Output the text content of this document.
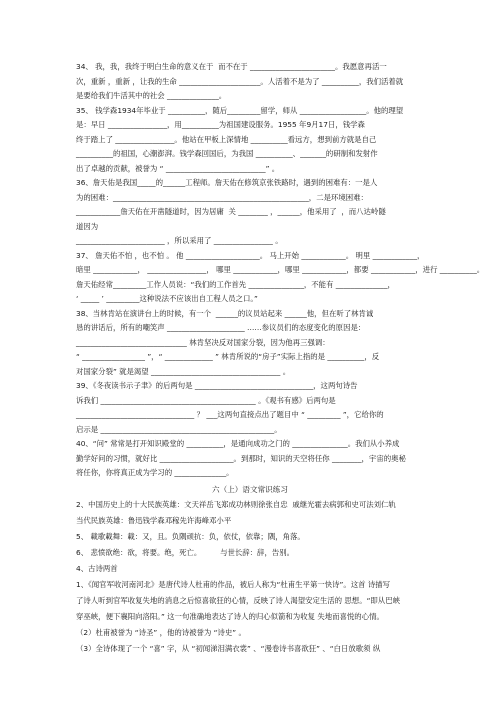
34、 我，我，我终于明白生命的意义在于  而不在于 _______________________。我愿意再活一
次，重新 ，重新 ，让我的生命 ______________________。人活着不是为了 __________，我们活着就
是要给我们牛活其中的社会 ______________。
35、 钱学森1934年毕业于 __________，随后_________留学，师从 __________________。他的理望
是：早日 ________________，用__________为祖国建设服务。1955 年9月17日，钱学森
终于踏上了 ________________。他站在甲板上深情地 __________看远方，想到前方就是自己
__________的祖国，心潮澎湃。钱学森回国后，为我国 __________、_______的研制和发射作
出了卓越的贡献，被誉为 “ ___________________________” 。
36、詹天佑是我国_____的______工程师。詹天佑在修筑京张铁路时，遇到的困难有：一是人
为的困难：_____________________________________________________，二是环境困难：
____________詹天佑在开凿隧道时，因为居庸  关 ________ ，______，他采用了  ，而八达岭隧
道因为
________________________ ，所以采用了 ________________ 。
37、 詹天佑不怕 ，也不怕 。 他 ____________________。 马上开始 ____________。 明里 ____________，
暗里 ____________， ________________， 哪里 ____________，哪里 ____________，都要 ____________，进行 __________。
詹天佑经常_________工作人员说：“我们的工作首先 _______________，不能有 ______________，
‘ _____ ’ _________这种说法不应该出自工程人员之口。”
38、当林肯站在演讲台上的时候，有一个  ______的议员站起来 ______他，但在听了林肯诚
恳的讲话后，所有的嘲笑声 _____________________ ……参议员们的态度变化的原因是：
______________________________ 林肯坚决反对国家分裂，因为他再三强调：
“ _________________ ”，“ _____________ ” 林肯所说的“房子”实际上指的是 __________，反
对国家分裂” 就是渴望 ___________________________________ 。
39、《冬夜读书示子聿》的后两句是 ________________________________，这两句诗告
诉我们 __________________________________________ 。《观书有感》后两句是
________________________________ ？ ___这两句直接点出了题目中 “ _________ ”，它给你的
启示是 _______________________________________________。
40、“问” 常常是打开知识殿堂的 __________，是通向成功之门的 _______________。我们从小养成
勤学好问的习惯，就好比 ____________________。到那时，知识的天空将任你 ________，宇宙的奥秘
将任你，你将真正成为学习的 ______________。
六（上）语文常识练习
2、中国历史上的十大民族英雄：文天祥岳飞郑成功林则徐张自忠  戚继光霍去病郭和史可法刘仁轨
当代民族英雄：鲁迅钱学森邓稼先许海峰邓小平
5、 載歌載舞：載：又，且。负隅顽抗：负，依仗，依靠；隅，角落。
6、 悲愤欲绝：欲，将要。绝，死亡。        与世长辞：辞，告别。
4、古诗两首
1、《闻官军收河南河北》是唐代诗人杜甫的作品，被后人称为“杜甫生平第一快诗”。这首 诗描写
了诗人听到官军收复失地的消息之后惊喜欲狂的心情，反映了诗人渴望安定生活的 思想。“即从巴峡
穿巫峡，便下襄阳向洛阳。” 这一句准确地表达了诗人的归心似箭和为收复 失地而喜悦的心情。
（2）杜甫被誉为 “诗圣” ，他的诗被誉为 “诗史” 。
（3）全诗体现了一个 “喜” 字，从 “初闻涕泪满衣裳” 、“漫卷诗书喜欲狂” 、“白日放歌须 纵
